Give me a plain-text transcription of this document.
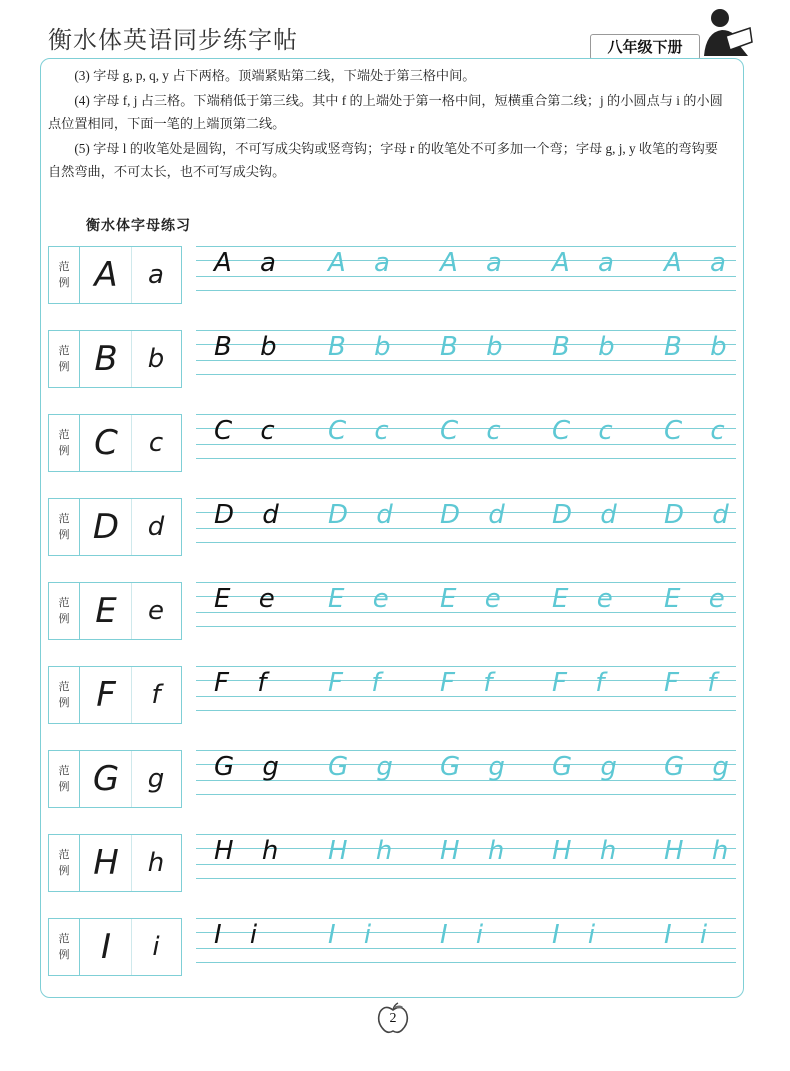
衡水体英语同步练字帖	八年级下册

(3) 字母 g, p, q, y 占下两格。顶端紧贴第二线，下端处于第三格中间。

(4) 字母 f, j 占三格。下端稍低于第三线。其中 f 的上端处于第一格中间，短横重合第二线；j 的小圆点与 i 的小圆点位置相同，下面一笔的上端顶第二线。

(5) 字母 l 的收笔处是圆钩，不可写成尖钩或竖弯钩；字母 r 的收笔处不可多加一个弯；字母 g, j, y 收笔的弯钩要自然弯曲，不可太长，也不可写成尖钩。

衡水体字母练习
范
例 A	a	A a A a A a A a A a
范
例 B	b	B b B b B b B b B b
范
例 C	c	C c C c C c C c C c
范
例 D	d	D d D d D d D d D d
范
例 E	e	E e E e E e E e E e
范
例 F	f	F f F f F f F f F f
范
例 G	g	G g G g G g G g G g
范
例 H	h	H h H h H h H h H h
范
例 I	i	I i I i I i I i I i
2
